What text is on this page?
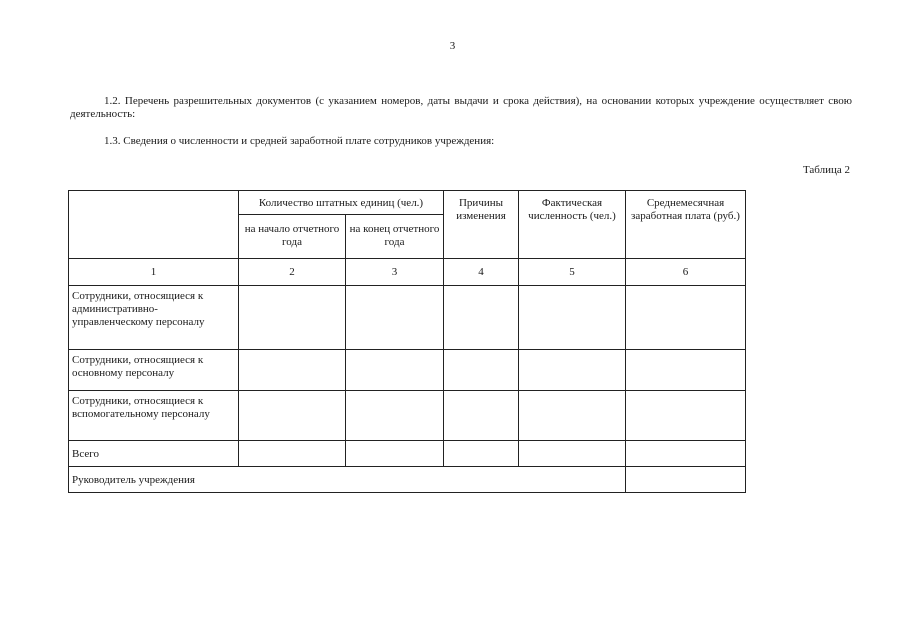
3
1.2. Перечень разрешительных документов (с указанием номеров, даты выдачи и срока действия), на основании которых учреждение осуществляет свою деятельность:
1.3. Сведения о численности и средней заработной плате сотрудников учреждения:
Таблица 2
	Количество штатных единиц (чел.)		Причины изменения	Фактическая численность (чел.)	Среднемесячная заработная плата (руб.)
	на начало отчетного года	на конец отчетного года			
1	2	3	4	5	6
Сотрудники, относящиеся к административно-управленческому персоналу					
Сотрудники, относящиеся к основному персоналу					
Сотрудники, относящиеся к вспомогательному персоналу					
Всего					
Руководитель учреждения					
